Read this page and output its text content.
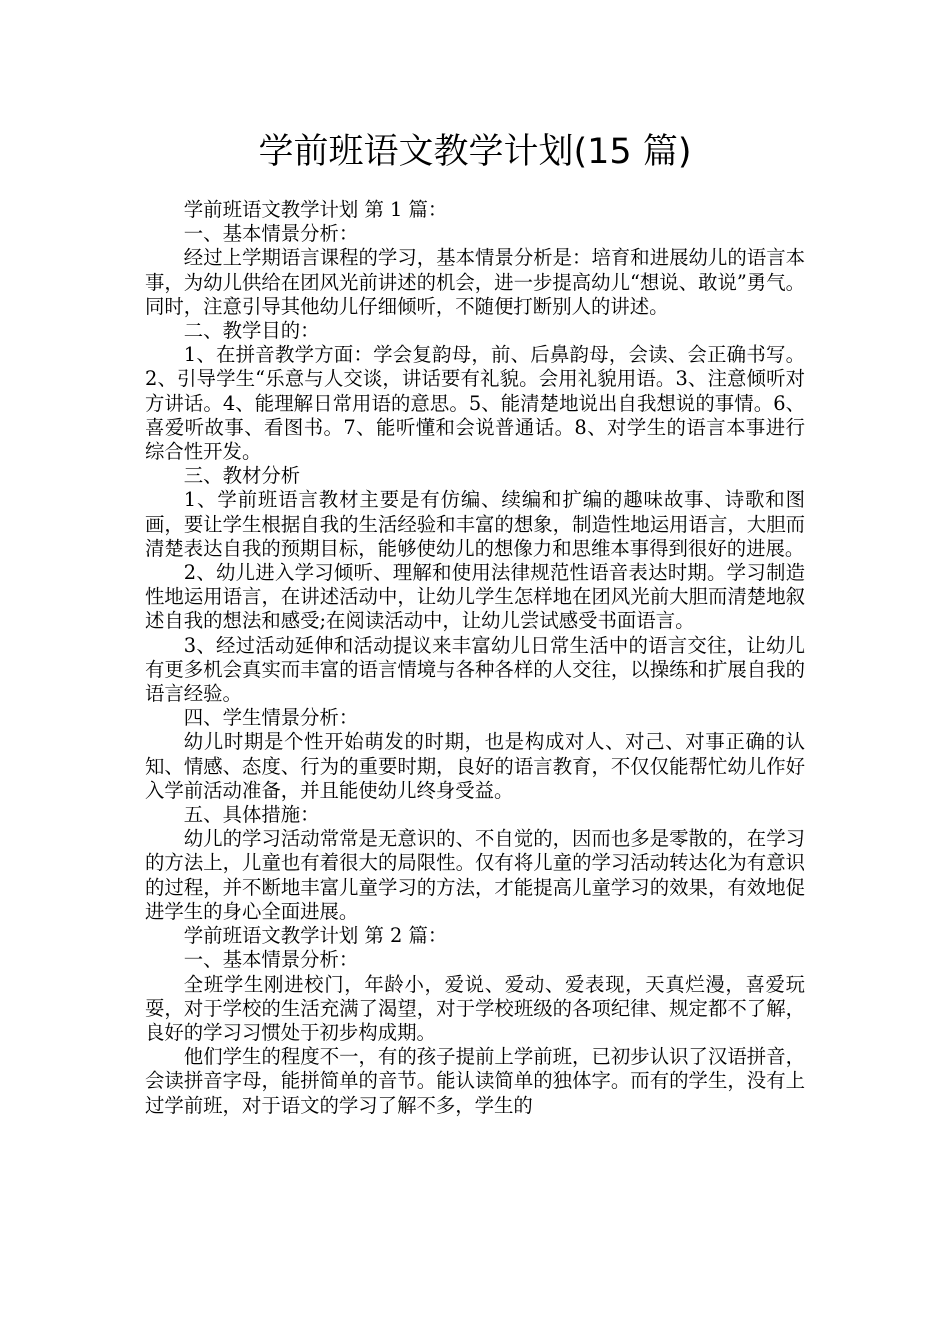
学前班语文教学计划(15 篇)

学前班语文教学计划 第 1 篇：

一、基本情景分析：

经过上学期语言课程的学习，基本情景分析是：培育和进展幼儿的语言本事，为幼儿供给在团风光前讲述的机会，进一步提高幼儿“想说、敢说”勇气。同时，注意引导其他幼儿仔细倾听，不随便打断别人的讲述。

二、教学目的：

1、在拼音教学方面：学会复韵母，前、后鼻韵母，会读、会正确书写。2、引导学生“乐意与人交谈，讲话要有礼貌。会用礼貌用语。3、注意倾听对方讲话。4、能理解日常用语的意思。5、能清楚地说出自我想说的事情。6、喜爱听故事、看图书。7、能听懂和会说普通话。8、对学生的语言本事进行综合性开发。

三、教材分析

1、学前班语言教材主要是有仿编、续编和扩编的趣味故事、诗歌和图画，要让学生根据自我的生活经验和丰富的想象，制造性地运用语言，大胆而清楚表达自我的预期目标，能够使幼儿的想像力和思维本事得到很好的进展。

2、幼儿进入学习倾听、理解和使用法律规范性语音表达时期。学习制造性地运用语言，在讲述活动中，让幼儿学生怎样地在团风光前大胆而清楚地叙述自我的想法和感受;在阅读活动中，让幼儿尝试感受书面语言。

3、经过活动延伸和活动提议来丰富幼儿日常生活中的语言交往，让幼儿有更多机会真实而丰富的语言情境与各种各样的人交往，以操练和扩展自我的语言经验。

四、学生情景分析：

幼儿时期是个性开始萌发的时期，也是构成对人、对己、对事正确的认知、情感、态度、行为的重要时期，良好的语言教育，不仅仅能帮忙幼儿作好入学前活动准备，并且能使幼儿终身受益。

五、具体措施：

幼儿的学习活动常常是无意识的、不自觉的，因而也多是零散的，在学习的方法上，儿童也有着很大的局限性。仅有将儿童的学习活动转达化为有意识的过程，并不断地丰富儿童学习的方法，才能提高儿童学习的效果，有效地促进学生的身心全面进展。

学前班语文教学计划 第 2 篇：

一、基本情景分析：

全班学生刚进校门，年龄小，爱说、爱动、爱表现，天真烂漫，喜爱玩耍，对于学校的生活充满了渴望，对于学校班级的各项纪律、规定都不了解，良好的学习习惯处于初步构成期。

他们学生的程度不一，有的孩子提前上学前班，已初步认识了汉语拼音，会读拼音字母，能拼简单的音节。能认读简单的独体字。而有的学生，没有上过学前班，对于语文的学习了解不多，学生的
